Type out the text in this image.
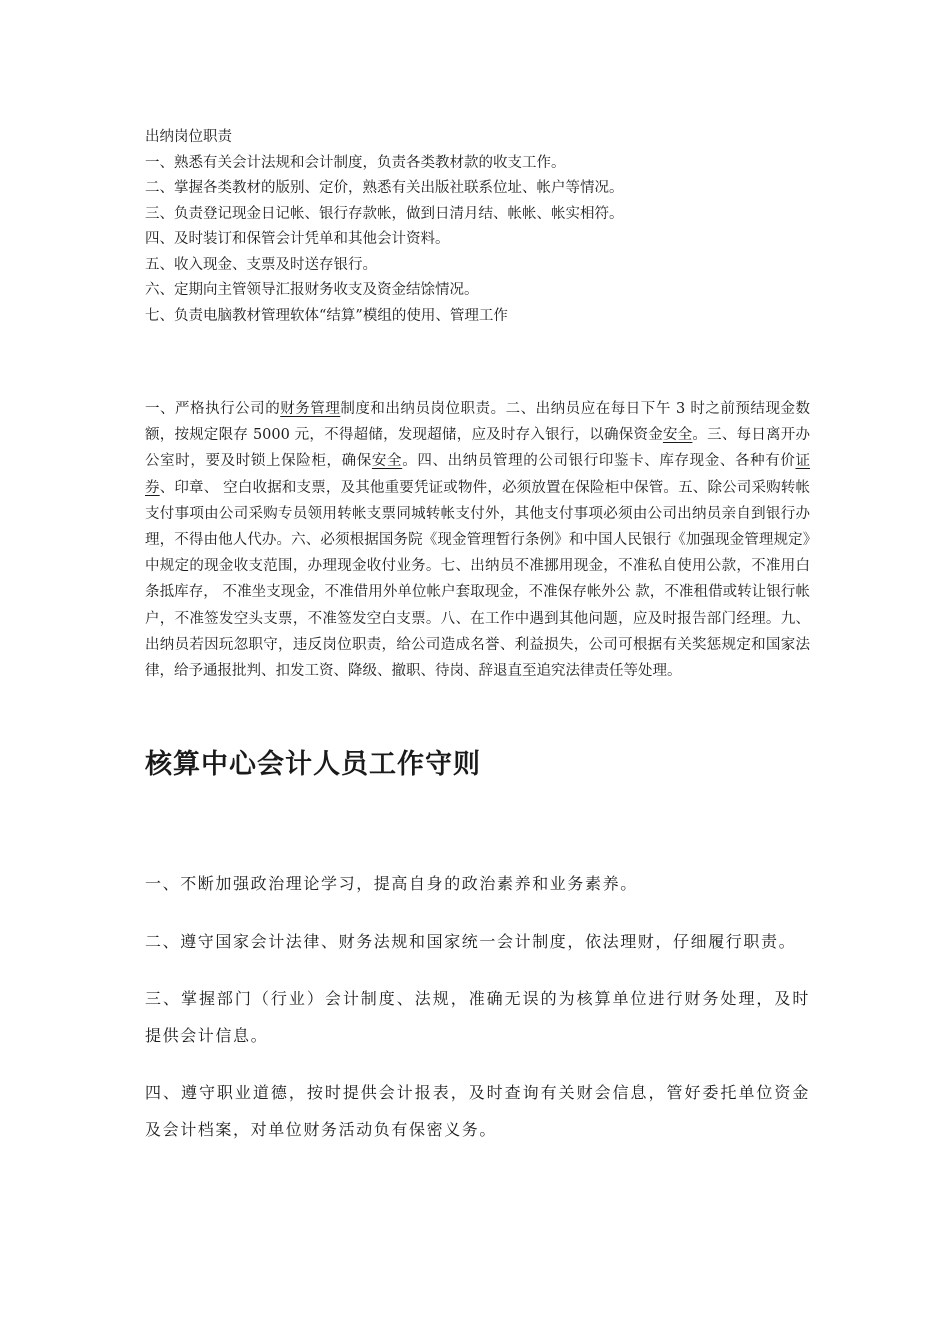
出纳岗位职责
一、熟悉有关会计法规和会计制度，负责各类教材款的收支工作。
二、掌握各类教材的版别、定价，熟悉有关出版社联系位址、帐户等情况。
三、负责登记现金日记帐、银行存款帐，做到日清月结、帐帐、帐实相符。
四、及时装订和保管会计凭单和其他会计资料。
五、收入现金、支票及时送存银行。
六、定期向主管领导汇报财务收支及资金结馀情况。
七、负责电脑教材管理软体“结算”模组的使用、管理工作

一、严格执行公司的财务管理制度和出纳员岗位职责。二、出纳员应在每日下午 3 时之前预结现金数额，按规定限存 5000 元，不得超储，发现超储，应及时存入银行，以确保资金安全。三、每日离开办公室时，要及时锁上保险柜，确保安全。四、出纳员管理的公司银行印鉴卡、库存现金、各种有价证券、印章、 空白收据和支票，及其他重要凭证或物件，必须放置在保险柜中保管。五、除公司采购转帐支付事项由公司采购专员领用转帐支票同城转帐支付外，其他支付事项必须由公司出纳员亲自到银行办理，不得由他人代办。六、必须根据国务院《现金管理暂行条例》和中国人民银行《加强现金管理规定》中规定的现金收支范围，办理现金收付业务。七、出纳员不准挪用现金，不准私自使用公款，不准用白条抵库存， 不准坐支现金，不准借用外单位帐户套取现金，不准保存帐外公 款，不准租借或转让银行帐户，不准签发空头支票，不准签发空白支票。八、在工作中遇到其他问题，应及时报告部门经理。九、出纳员若因玩忽职守，违反岗位职责，给公司造成名誉、利益损失，公司可根据有关奖惩规定和国家法律，给予通报批判、扣发工资、降级、撤职、待岗、辞退直至追究法律责任等处理。

核算中心会计人员工作守则

一、不断加强政治理论学习，提高自身的政治素养和业务素养。

二、遵守国家会计法律、财务法规和国家统一会计制度，依法理财，仔细履行职责。

三、掌握部门（行业）会计制度、法规，准确无误的为核算单位进行财务处理，及时提供会计信息。

四、遵守职业道德，按时提供会计报表，及时查询有关财会信息，管好委托单位资金及会计档案，对单位财务活动负有保密义务。
